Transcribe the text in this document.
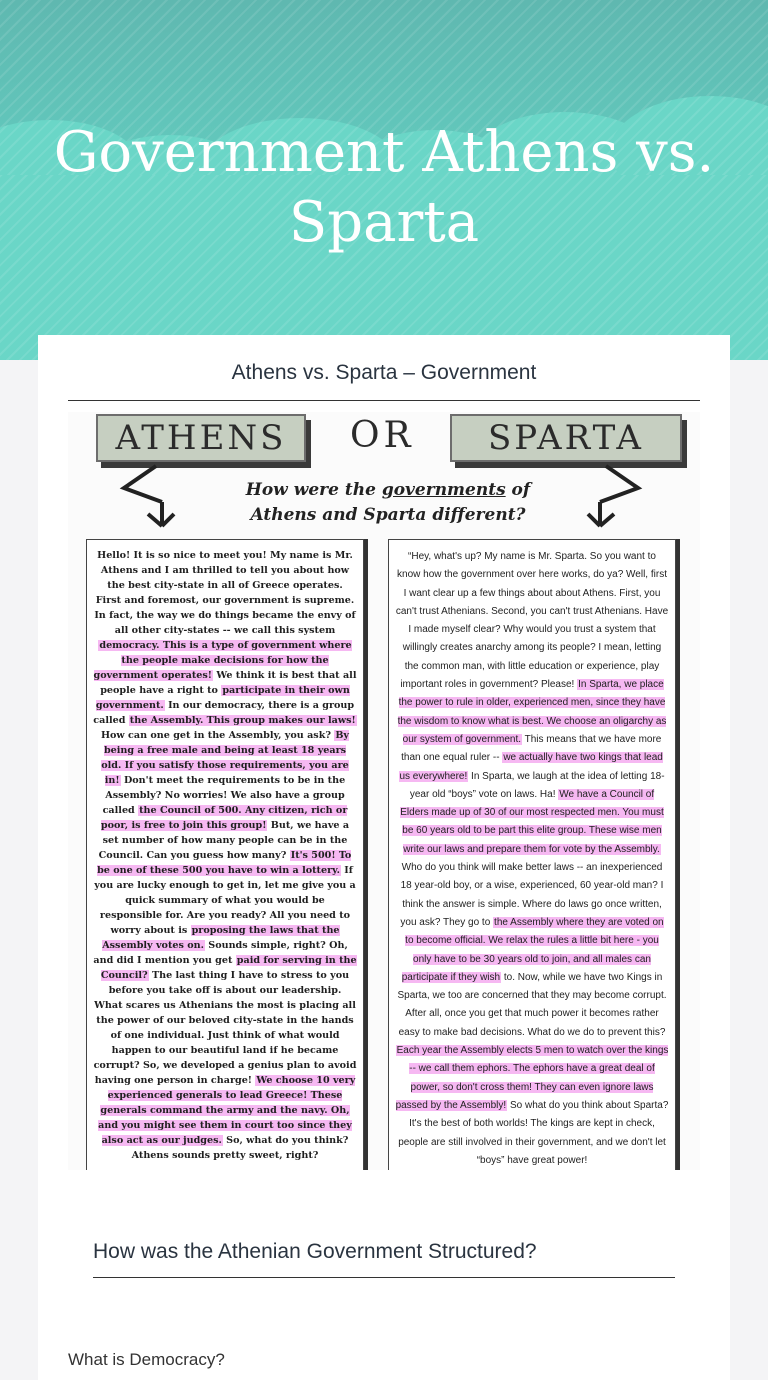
Government Athens vs. Sparta
Athens vs. Sparta – Government
ATHENS	OR	SPARTA
How were the governments of
Athens and Sparta different?
Hello! It is so nice to meet you! My name is Mr. Athens and I am thrilled to tell you about how the best city-state in all of Greece operates. First and foremost, our government is supreme. In fact, the way we do things became the envy of all other city-states -- we call this system democracy. This is a type of government where the people make decisions for how the government operates! We think it is best that all people have a right to participate in their own government. In our democracy, there is a group called the Assembly. This group makes our laws! How can one get in the Assembly, you ask? By being a free male and being at least 18 years old. If you satisfy those requirements, you are in! Don't meet the requirements to be in the Assembly? No worries! We also have a group called the Council of 500. Any citizen, rich or poor, is free to join this group! But, we have a set number of how many people can be in the Council. Can you guess how many? It's 500! To be one of these 500 you have to win a lottery. If you are lucky enough to get in, let me give you a quick summary of what you would be responsible for. Are you ready? All you need to worry about is proposing the laws that the Assembly votes on. Sounds simple, right? Oh, and did I mention you get paid for serving in the Council? The last thing I have to stress to you before you take off is about our leadership. What scares us Athenians the most is placing all the power of our beloved city-state in the hands of one individual. Just think of what would happen to our beautiful land if he became corrupt? So, we developed a genius plan to avoid having one person in charge! We choose 10 very experienced generals to lead Greece! These generals command the army and the navy. Oh, and you might see them in court too since they also act as our judges. So, what do you think? Athens sounds pretty sweet, right?
“Hey, what's up? My name is Mr. Sparta. So you want to know how the government over here works, do ya? Well, first I want clear up a few things about about Athens. First, you can't trust Athenians. Second, you can't trust Athenians. Have I made myself clear? Why would you trust a system that willingly creates anarchy among its people? I mean, letting the common man, with little education or experience, play important roles in government? Please! In Sparta, we place the power to rule in older, experienced men, since they have the wisdom to know what is best. We choose an oligarchy as our system of government. This means that we have more than one equal ruler -- we actually have two kings that lead us everywhere! In Sparta, we laugh at the idea of letting 18-year old “boys” vote on laws. Ha! We have a Council of Elders made up of 30 of our most respected men. You must be 60 years old to be part this elite group. These wise men write our laws and prepare them for vote by the Assembly. Who do you think will make better laws -- an inexperienced 18 year-old boy, or a wise, experienced, 60 year-old man? I think the answer is simple. Where do laws go once written, you ask? They go to the Assembly where they are voted on to become official. We relax the rules a little bit here - you only have to be 30 years old to join, and all males can participate if they wish to. Now, while we have two Kings in Sparta, we too are concerned that they may become corrupt. After all, once you get that much power it becomes rather easy to make bad decisions. What do we do to prevent this? Each year the Assembly elects 5 men to watch over the kings -- we call them ephors. The ephors have a great deal of power, so don't cross them! They can even ignore laws passed by the Assembly! So what do you think about Sparta? It's the best of both worlds! The kings are kept in check, people are still involved in their government, and we don't let “boys” have great power!
How was the Athenian Government Structured?
What is Democracy?
